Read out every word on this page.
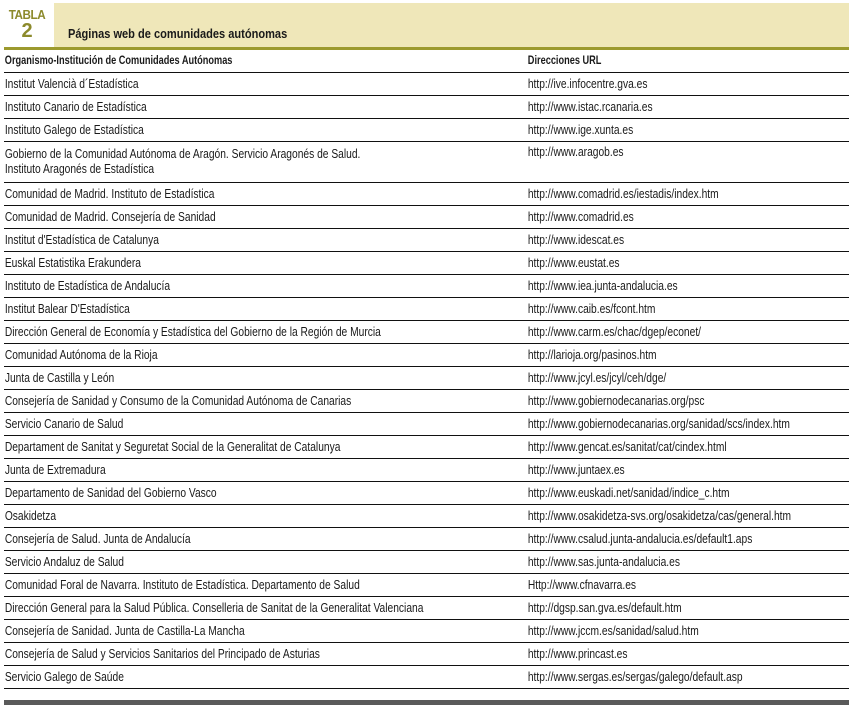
TABLA
2	Páginas web de comunidades autónomas
Organismo-Institución de Comunidades Autónomas	Direcciones URL
Institut Valencià d´Estadística	http://ive.infocentre.gva.es
Instituto Canario de Estadística	http://www.istac.rcanaria.es
Instituto Galego de Estadística	http://www.ige.xunta.es
Gobierno de la Comunidad Autónoma de Aragón. Servicio Aragonés de Salud.
Instituto Aragonés de Estadística	http://www.aragob.es
Comunidad de Madrid. Instituto de Estadística	http://www.comadrid.es/iestadis/index.htm
Comunidad de Madrid. Consejería de Sanidad	http://www.comadrid.es
Institut d'Estadística de Catalunya	http://www.idescat.es
Euskal Estatistika Erakundera	http://www.eustat.es
Instituto de Estadística de Andalucía	http://www.iea.junta-andalucia.es
Institut Balear D'Estadística	http://www.caib.es/fcont.htm
Dirección General de Economía y Estadística del Gobierno de la Región de Murcia	http://www.carm.es/chac/dgep/econet/
Comunidad Autónoma de la Rioja	http://larioja.org/pasinos.htm
Junta de Castilla y León	http://www.jcyl.es/jcyl/ceh/dge/
Consejería de Sanidad y Consumo de la Comunidad Autónoma de Canarias	http://www.gobiernodecanarias.org/psc
Servicio Canario de Salud	http://www.gobiernodecanarias.org/sanidad/scs/index.htm
Departament de Sanitat y Seguretat Social de la Generalitat de Catalunya	http://www.gencat.es/sanitat/cat/cindex.html
Junta de Extremadura	http://www.juntaex.es
Departamento de Sanidad del Gobierno Vasco	http://www.euskadi.net/sanidad/indice_c.htm
Osakidetza	http://www.osakidetza-svs.org/osakidetza/cas/general.htm
Consejería de Salud. Junta de Andalucía	http://www.csalud.junta-andalucia.es/default1.aps
Servicio Andaluz de Salud	http://www.sas.junta-andalucia.es
Comunidad Foral de Navarra. Instituto de Estadística. Departamento de Salud	Http://www.cfnavarra.es
Dirección General para la Salud Pública. Conselleria de Sanitat de la Generalitat Valenciana	http://dgsp.san.gva.es/default.htm
Consejería de Sanidad. Junta de Castilla-La Mancha	http://www.jccm.es/sanidad/salud.htm
Consejería de Salud y Servicios Sanitarios del Principado de Asturias	http://www.princast.es
Servicio Galego de Saúde	http://www.sergas.es/sergas/galego/default.asp
